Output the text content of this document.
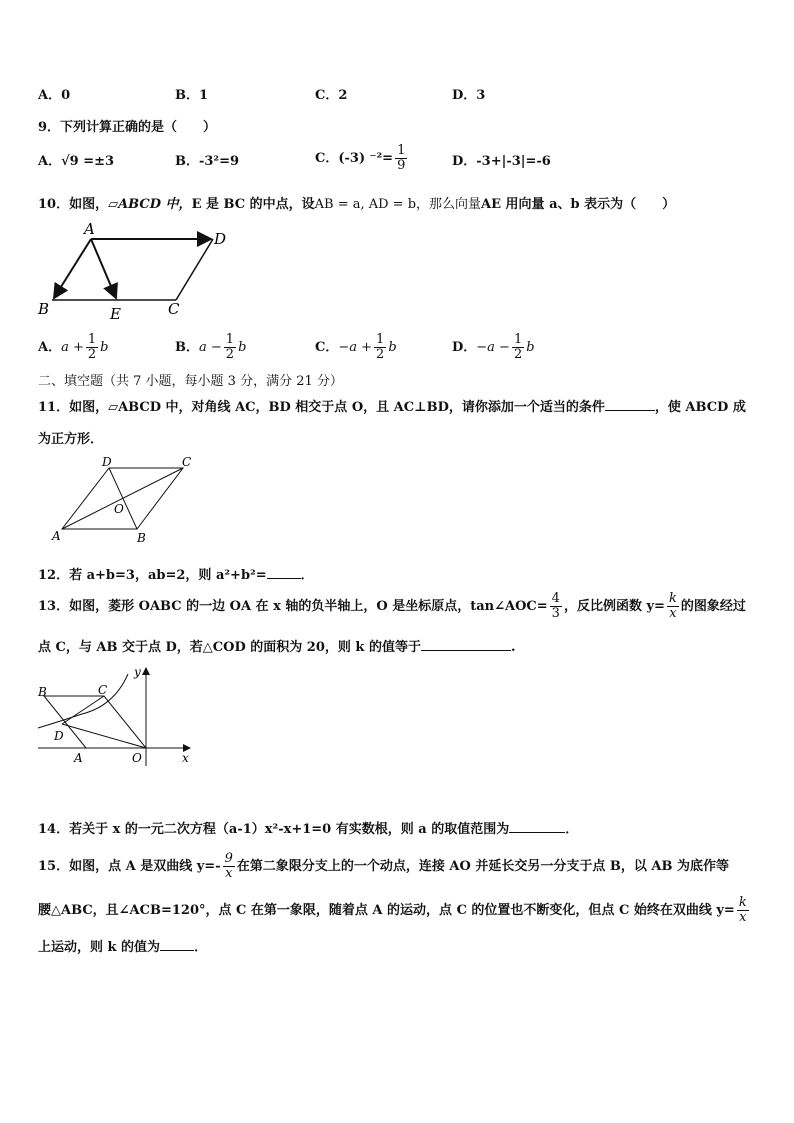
A．0	B．1	C．2	D．3
9．下列计算正确的是（　　）
A．√9 =±3	B．-3²=9	C．(-3) $^{-2}= \frac{1}{9}$	D．-3+|-3|=-6
10．如图，▱ABCD 中，E 是 BC 的中点，设AB = a, AD = b，那么向量AE 用向量 a、b 表示为（　　）
A
D
B	E	C
A．$a + \frac{1}{2}$ b	B．$a - \frac{1}{2}$ b	C．$-a + \frac{1}{2}$ b	D．$-a - \frac{1}{2}$ b
二、填空题（共 7 小题，每小题 3 分，满分 21 分）
11．如图，▱ABCD 中，对角线 AC，BD 相交于点 O，且 AC⊥BD，请你添加一个适当的条件	，使 ABCD 成
为正方形．
D	C
O
A	B
12．若 a+b=3，ab=2，则 a²+b²=	．
13．如图，菱形 OABC 的一边 OA 在 x 轴的负半轴上，O 是坐标原点，tan∠AOC= $\frac{4}{3}$ ，反比例函数 $y= \frac{k}{x}$ 的图象经过
点 C，与 AB 交于点 D，若△COD 的面积为 20，则 k 的值等于	.
y
B	C
D
A	O	x
14．若关于 x 的一元二次方程（a-1）x²-x+1=0 有实数根，则 a 的取值范围为	．
15．如图，点 A 是双曲线 $y=- \frac{9}{x}$ 在第二象限分支上的一个动点，连接 AO 并延长交另一分支于点 B，以 AB 为底作等
腰△ABC，且∠ACB=120°，点 C 在第一象限，随着点 A 的运动，点 C 的位置也不断变化，但点 C 始终在双曲线 $y= \frac{k}{x}$
上运动，则 k 的值为	．
